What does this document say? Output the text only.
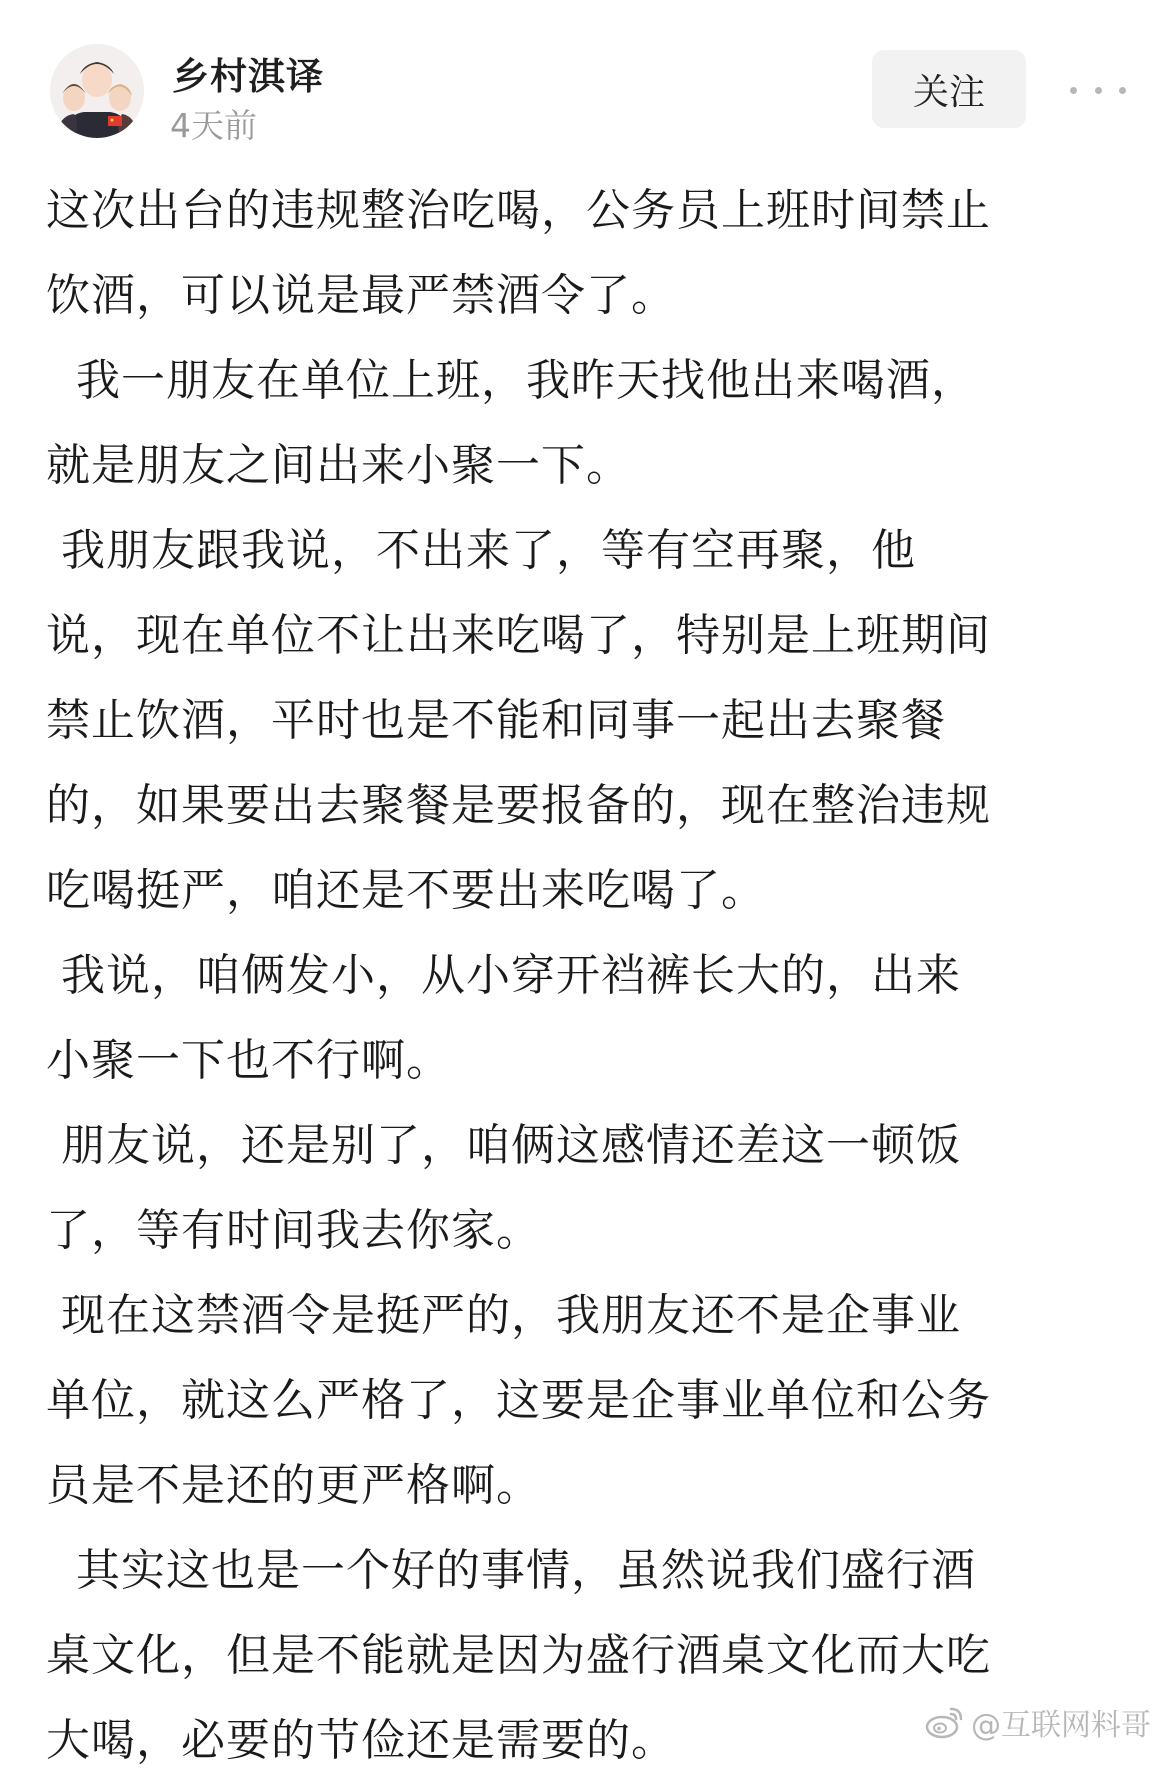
乡村淇译
4天前
关注
这次出台的违规整治吃喝，公务员上班时间禁止
饮酒，可以说是最严禁酒令了。
我一朋友在单位上班，我昨天找他出来喝酒，
就是朋友之间出来小聚一下。
我朋友跟我说，不出来了，等有空再聚，他
说，现在单位不让出来吃喝了，特别是上班期间
禁止饮酒，平时也是不能和同事一起出去聚餐
的，如果要出去聚餐是要报备的，现在整治违规
吃喝挺严，咱还是不要出来吃喝了。
我说，咱俩发小，从小穿开裆裤长大的，出来
小聚一下也不行啊。
朋友说，还是别了，咱俩这感情还差这一顿饭
了，等有时间我去你家。
现在这禁酒令是挺严的，我朋友还不是企事业
单位，就这么严格了，这要是企事业单位和公务
员是不是还的更严格啊。
其实这也是一个好的事情，虽然说我们盛行酒
桌文化，但是不能就是因为盛行酒桌文化而大吃
大喝，必要的节俭还是需要的。	@互联网料哥
